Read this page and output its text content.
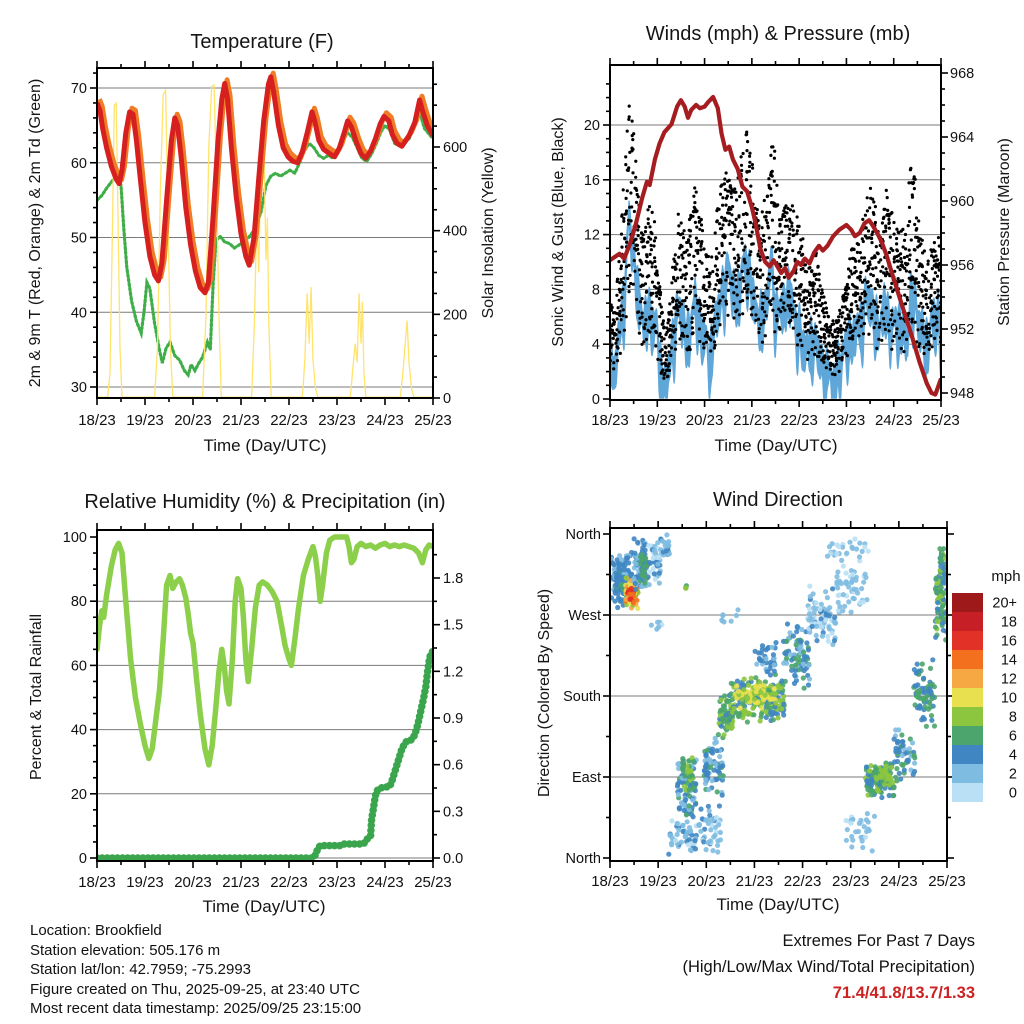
70
60
50
40
30
600
400
200
0
18/23 19/23 20/23 21/23 22/23 23/23 24/23 25/23
20
16
12
8
4
0
968
964
960
956
952
948
18/23 19/23 20/23 21/23 22/23 23/23 24/23 25/23
100
80
60
40
20
0
1.8
1.5
1.2
0.9
0.6
0.3
0.0
18/23 19/23 20/23 21/23 22/23 23/23 24/23 25/23
North
West
South
East
North
18/23 19/23 20/23 21/23 22/23 23/23 24/23 25/23
20+
18
16
14
12
10
8
6
4
2
0
Temperature (F)	Winds (mph) & Pressure (mb)
Relative Humidity (%) & Precipitation (in)	Wind Direction
Time (Day/UTC)	Time (Day/UTC)
Time (Day/UTC)	Time (Day/UTC)
2m & 9m T (Red, Orange) & 2m Td (Green)	Solar Insolation (Yellow)	Sonic Wind & Gust (Blue, Black)	Station Pressure (Maroon)
Percent & Total Rainfall	Direction (Colored By Speed)
mph
Location: Brookfield
Station elevation: 505.176 m
Station lat/lon: 42.7959; -75.2993
Figure created on Thu, 2025-09-25, at 23:40 UTC
Most recent data timestamp: 2025/09/25 23:15:00
Extremes For Past 7 Days
(High/Low/Max Wind/Total Precipitation)
71.4/41.8/13.7/1.33
